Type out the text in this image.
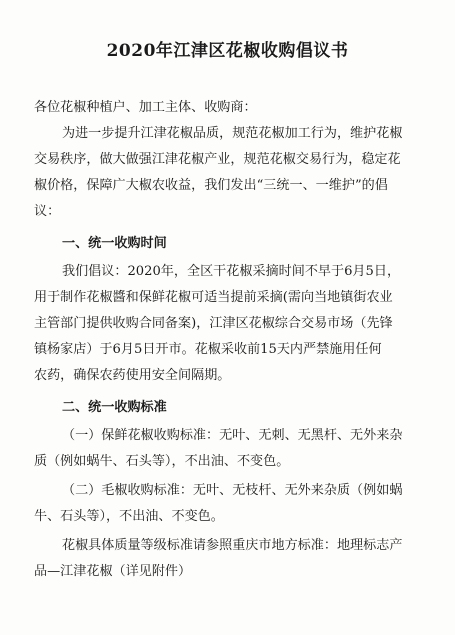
2020年江津区花椒收购倡议书
各位花椒种植户、加工主体、收购商：
为进一步提升江津花椒品质，规范花椒加工行为，维护花椒
交易秩序，做大做强江津花椒产业，规范花椒交易行为，稳定花
椒价格，保障广大椒农收益，我们发出“三统一、一维护”的倡
议：
一、统一收购时间
我们倡议：2020年，全区干花椒采摘时间不早于6月5日，
用于制作花椒醬和保鲜花椒可适当提前采摘(需向当地镇街农业
主管部门提供收购合同备案)，江津区花椒综合交易市场（先锋
镇杨家店）于6月5日开市。花椒采收前15天内严禁施用任何
农药，确保农药使用安全间隔期。
二、统一收购标准
（一）保鲜花椒收购标准：无叶、无刺、无黑杆、无外来杂
质（例如蜗牛、石头等），不出油、不变色。
（二）毛椒收购标准：无叶、无枝杆、无外来杂质（例如蜗
牛、石头等），不出油、不变色。
花椒具体质量等级标准请参照重庆市地方标准：地理标志产
品—江津花椒（详见附件）
